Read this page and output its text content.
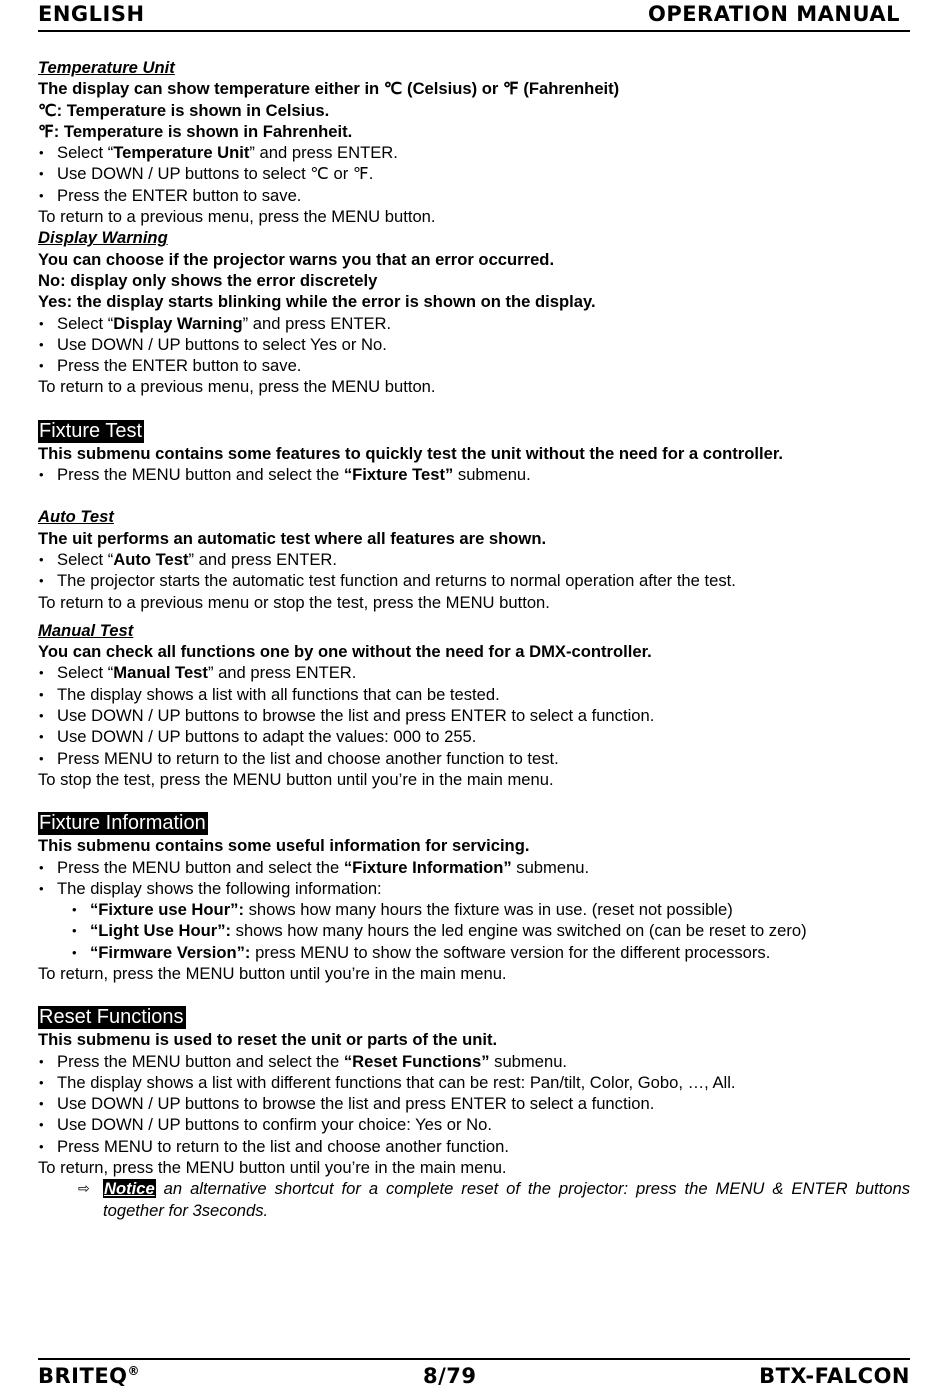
ENGLISH	OPERATION MANUAL

Temperature Unit

The display can show temperature either in ℃ (Celsius) or ℉ (Fahrenheit)

℃: Temperature is shown in Celsius.

℉: Temperature is shown in Fahrenheit.

• Select “Temperature Unit” and press ENTER.

• Use DOWN / UP buttons to select ℃ or ℉.

• Press the ENTER button to save.

To return to a previous menu, press the MENU button.

Display Warning

You can choose if the projector warns you that an error occurred.

No: display only shows the error discretely

Yes: the display starts blinking while the error is shown on the display.

• Select “Display Warning” and press ENTER.

• Use DOWN / UP buttons to select Yes or No.

• Press the ENTER button to save.

To return to a previous menu, press the MENU button.

Fixture Test

This submenu contains some features to quickly test the unit without the need for a controller.

• Press the MENU button and select the “Fixture Test” submenu.

Auto Test

The uit performs an automatic test where all features are shown.

• Select “Auto Test” and press ENTER.

• The projector starts the automatic test function and returns to normal operation after the test.

To return to a previous menu or stop the test, press the MENU button.

Manual Test

You can check all functions one by one without the need for a DMX-controller.

• Select “Manual Test” and press ENTER.

• The display shows a list with all functions that can be tested.

• Use DOWN / UP buttons to browse the list and press ENTER to select a function.

• Use DOWN / UP buttons to adapt the values: 000 to 255.

• Press MENU to return to the list and choose another function to test.

To stop the test, press the MENU button until you’re in the main menu.

Fixture Information

This submenu contains some useful information for servicing.

• Press the MENU button and select the “Fixture Information” submenu.

• The display shows the following information:

• “Fixture use Hour”: shows how many hours the fixture was in use. (reset not possible)

• “Light Use Hour”: shows how many hours the led engine was switched on (can be reset to zero)

• “Firmware Version”: press MENU to show the software version for the different processors.

To return, press the MENU button until you’re in the main menu.

Reset Functions

This submenu is used to reset the unit or parts of the unit.

• Press the MENU button and select the “Reset Functions” submenu.

• The display shows a list with different functions that can be rest: Pan/tilt, Color, Gobo, …, All.

• Use DOWN / UP buttons to browse the list and press ENTER to select a function.

• Use DOWN / UP buttons to confirm your choice: Yes or No.

• Press MENU to return to the list and choose another function.

To return, press the MENU button until you’re in the main menu.

⇨ Notice an alternative shortcut for a complete reset of the projector: press the MENU & ENTER buttons together for 3seconds.

BRITEQ®	8/79	BTX-FALCON
